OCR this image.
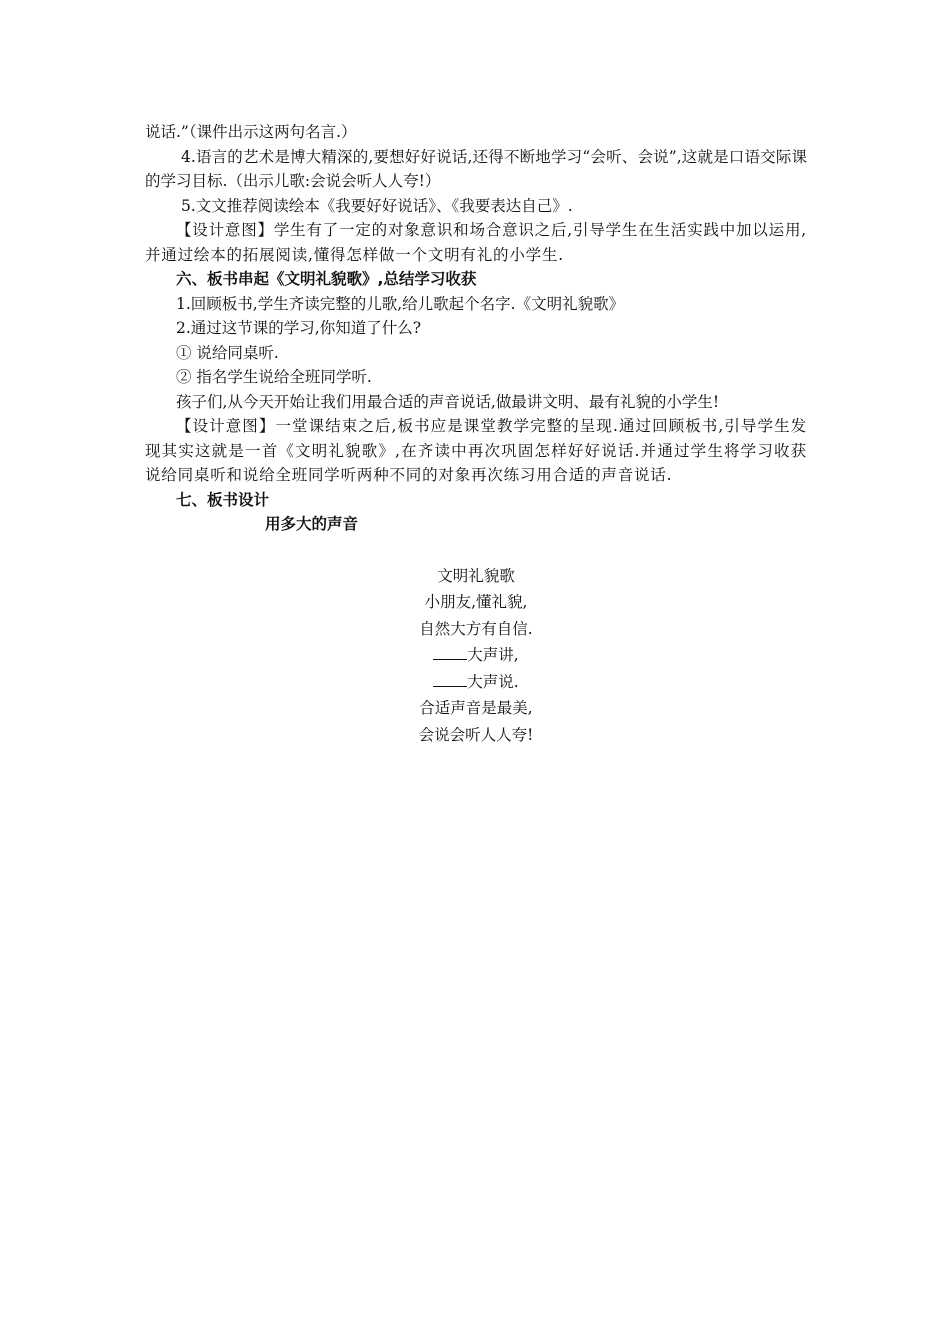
说话.”（课件出示这两句名言.）

4.语言的艺术是博大精深的,要想好好说话,还得不断地学习“会听、会说”,这就是口语交际课的学习目标.（出示儿歌:会说会听人人夸!）

5.文文推荐阅读绘本《我要好好说话》、《我要表达自己》.

【设计意图】学生有了一定的对象意识和场合意识之后,引导学生在生活实践中加以运用,并通过绘本的拓展阅读,懂得怎样做一个文明有礼的小学生.

六、板书串起《文明礼貌歌》,总结学习收获

1.回顾板书,学生齐读完整的儿歌,给儿歌起个名字.《文明礼貌歌》

2.通过这节课的学习,你知道了什么?

① 说给同桌听.

② 指名学生说给全班同学听.

孩子们,从今天开始让我们用最合适的声音说话,做最讲文明、最有礼貌的小学生!

【设计意图】一堂课结束之后,板书应是课堂教学完整的呈现.通过回顾板书,引导学生发现其实这就是一首《文明礼貌歌》,在齐读中再次巩固怎样好好说话.并通过学生将学习收获说给同桌听和说给全班同学听两种不同的对象再次练习用合适的声音说话.

七、板书设计

用多大的声音

文明礼貌歌

小朋友,懂礼貌,

自然大方有自信.

大声讲,

大声说.

合适声音是最美,

会说会听人人夸!
